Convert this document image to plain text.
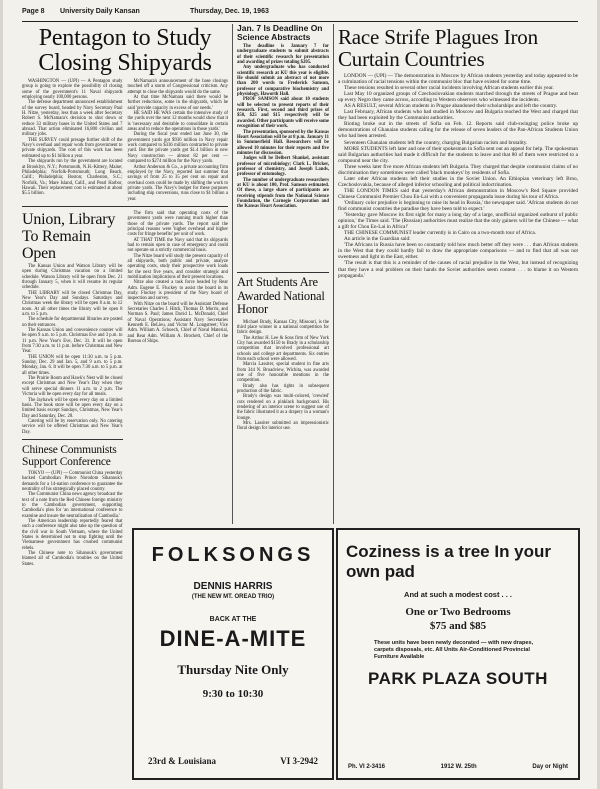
Page 8 University Daily Kansan	Thursday, Dec. 19, 1963
Pentagon to Study Closing Shipyards

WASHINGTON — (UPI) — A Pentagon study group is going to explore the possibility of closing some of the government's 11 Naval shipyards employing nearly 100,000 persons.

The defense department announced establishment of the survey board, headed by Navy Secretary Paul H. Nitze, yesterday, less than a week after Secretary Robert S. McNamara's decision to shut down or reduce 33 military bases in the United States and 7 abroad. That action eliminated 16,800 civilian and military jobs.

THE SURVEY could presage further shift of the Navy's overhaul and repair work from government to private shipyards. The cost of this work has been estimated up to $1 billion a year.

The shipyards run by the government are located at Brooklyn, N.Y.; Portsmouth, N.H.-Kittery, Maine; Philadelphia; Norfolk-Portsmouth; Long Beach, Calif.; Philadelphia; Boston; Charleston, S.C.; Norfolk, Va.; Mare Island, Calif., and Pearl Harbor, Hawaii. Their replacement cost is estimated at about $5.5 billion.

McNamara's announcement of the base closings touched off a storm of Congressional criticism. Any attempt to close the shipyards would do the same.

At that time McNamara said there would be further reductions, some in the shipyards, which he said 'provide capacity in excess of our needs.'

HE SAID HE WAS certain the intensive study of the yards over the next 12 months would show that it is 'necessary and desirable to consolidate in certain areas and to reduce the operations in those yards.'

During the fiscal year ended last June 30, the government yards got $936 million in Navy repair work compared to $336 million contracted to private yard. But the private yards got $1.4 billion in new Navy construction — almost 82 per cent — compared to $274 million for the Navy yards.

Arthur Anderson & Co., a private accounting firm employed by the Navy, reported last summer that savings of from 25 to 35 per cent on repair and overhaul costs could be made by shifting the work to private yards. The Navy's budget for these purposes including ship conversions, runs close to $1 billion a year.

Union, Library To Remain Open

The Kansas Union and Watson Library will be open during Christmas vacation on a limited schedule. Watson Library will be open from Dec. 21 through January 5, when it will resume its regular schedule.

THE LIBRARY will be closed Christmas Day, New Year's Day and Sundays. Saturdays and Christmas week the library will be open 8 a.m. to 12 noon. At all other times the library will be open 8 a.m. to 5 p.m.

The schedule for departmental libraries are posted on their entrances.

The Kansas Union and convenience counter will be open 9 a.m. to 5 p.m. Christmas Eve and 3 p.m. to 11 p.m. New Year's Eve, Dec. 31. It will be open from 7:30 a.m. to 11 p.m. before Christmas and New Year.

THE UNION will be open 11:30 a.m. to 5 p.m. Sunday, Dec. 29 and Jan. 5, and 9 a.m. to 5 p.m. Monday, Jan. 6. It will be open 7:30 a.m. to 5 p.m. at all other times.

The Prairie Room and Hawk's Nest will be closed except Christmas and New Year's Day when they will serve special dinners 11 a.m. to 2 p.m. The Victoria will be open every day for all meals.

The Jayhawk will be open every day on a limited basis. The book store will be open every day on a limited basis except Sundays, Christmas, New Year's Day and Saturday, Dec. 28.

Catering will be by reservation only. No catering service will be offered Christmas and New Year's Day.

Chinese Communists Support Conference

TOKYO — (UPI) — Communist China yesterday backed Cambodian Prince Norodom Sihanouk's demands for a 14-nation conference to guarantee the neutrality of his strategically placed country.

The Communist China news agency broadcast the text of a note from the Red Chinese foreign ministry to the Cambodian government, supporting Cambodia's plea for 'an international conference to examine and insure the neutralization of Cambodia.'

The American leadership reportedly feared that such a conference might also take up the question of the civil war in South Vietnam, where the United States is determined not to stop fighting until the Vietnamese government has crushed communist rebels.

The Chinese note to Sihanouk's government blamed all of Cambodia's troubles on the United States.

The firm said that operating costs of the government yards were running much higher than those of the private yards. The report said the principal reasons were 'higher overhead and higher costs for fringe benefits' per unit of work.

AT THAT TIME the Navy said that its shipyards had to remain open in case of emergency and could not operate on a strictly commercial basis.

The Nitze board will study the present capacity of all shipyards, both public and private, analyze operating costs, study their prospective work loads for the next five years, and consider strategic and mobilization implications of their present locations.

Nitze also created a task force headed by Rear Adm. Eugene E. Fluckey to assist the board in its study. Fluckey is president of the Navy board of inspection and survey.

With Nitze on the board will be Assistant Defense Secretaries Charles J. Hitch, Thomas D. Morris, and Norman S. Paul; James David L. McDonald, Chief of Naval Operations; Assistant Navy Secretaries Kenneth E. BeLieu, and Victor M. Longstreet; Vice Adm. William A. Schoech, Chief of Naval Material, and Rear Adm. William A. Brockett, Chief of the Bureau of Ships.

Jan. 7 Is Deadline On Science Abstracts

The deadline is January 7 for undergraduate students to submit abstracts of their scientific research for presentation and awarding of prizes totaling $205.

Any undergraduate who has conducted scientific research at KU this year is eligible. He should submit an abstract of not more than 200 words to Frederick Samson, professor of comparative biochemistry and physiology, Haworth Hall.

PROF SAMSON said about 10 students will be selected to present reports of their research. First, second and third prizes of $50, $25 and $15 respectively will be awarded. Other participants will receive some recognition of their work.

The presentation, sponsored by the Kansas Heart Association will be at 8 p.m. January 11 in Summerfield Hall. Researchers will be allowed 10 minutes for their reports and five minutes for discussion.

Judges will be Delbert Shankel, assistant professor of microbiology; Clark L. Bricker, professor of chemistry, and Joseph Lands, professor of entomology.

The number of undergraduate researchers at KU is about 100, Prof. Samson estimated. Of these, a large share of participants are receiving stipends from the National Science Foundation, the Carnegie Corporation and the Kansas Heart Association.

Art Students Are Awarded National Honor

Michael Brady, Kansas City, Missouri, is the third place winner in a national competition for fabric design.

The Arthur H. Lee & Sons firm of New York City has awarded $150 to Brady in a scholarship competition that involved professional art schools and college art departments. Six entries from each school were allowed.

Marcia Lassiter, special student in fine arts from 344 N. Broadview, Wichita, was awarded one of five honorable mentions in the competition.

Brady also has rights in subsequent production of the fabric.

Brady's design was multi-colored, 'crewled' cuts rendered on a pinklack background. His rendering of an interior scene to suggest use of the fabric illustrated it as a drapery in a woman's lounge.

Mrs. Lassiter submitted an impressionistic floral design for interior use.

Race Strife Plagues Iron Curtain Countries

LONDON — (UPI) — The demonstration in Moscow by African students yesterday and today appeared to be a culmination of racial tensions within the communist bloc that have existed for some time.

These tensions resulted in several other racial incidents involving African students earlier this year.

Last May 10 organized groups of Czechoslovakian students marched through the streets of Prague and beat up every Negro they came across, according to Western observers who witnessed the incidents.

AS A RESULT, several African students in Prague abandoned their scholarships and left the country.

Last February, African students who had studied in Moscow and Bulgaria reached the West and charged that they had been exploited by the Communist authorities.

Rioting broke out in the streets of Sofia on Feb. 12. Reports said club-swinging police broke up demonstrations of Ghanaian students calling for the release of seven leaders of the Pan-African Students Union who had been arrested.

Seventeen Ghanaian students left the country, charging Bulgarian racism and brutality.

MORE STUDENTS left later and one of their spokesman in Sofia sent out an appeal for help. The spokesman said Bulgarian authorities had made it difficult for the students to leave and that 80 of them were restricted to a compound near the city.

Three weeks later five more African students left Bulgaria. They charged that despite communist claims of no discrimination they sometimes were called 'black monkeys' by residents of Sofia.

Later other African students left their studies in the Soviet Union. An Ethiopian veterinary left Brno, Czechoslovakia, because of alleged inferior schooling and political indoctrination.

THE LONDON TIMES said that yesterday's African demonstration in Moscow's Red Square provided Chinese Communist Premier Chou En-Lai with a convenient propaganda issue during his tour of Africa.

'Ordinary color prejudice is beginning to raise its head in Russia,' the newspaper said. 'African students do not find communist countries the paradise they have been told to expect.'

'Yesterday gave Moscow its first sight for many a long day of a large, unofficial organized outburst of public opinion,' the Times said. 'The (Russian) authorities must realize that the only gainers will be the Chinese — what a gift for Chou En-Lai in Africa!'

THE CHINESE COMMUNIST leader currently is in Cairo on a two-month tour of Africa.

An article in the Guardian said:

'The Africans in Russia have been so constantly told how much better off they were . . . than African students in the West that they could hardly fail to draw the appropriate comparisons — and to find that all was not sweetness and light in the East, either.

'The result is that this is a reminder of the causes of racial prejudice in the West, but instead of recognizing that they have a real problem on their hands the Soviet authorities seem content . . . to blame it on Western propaganda.'

FOLKSONGS
DENNIS HARRIS
(THE NEW MT. OREAD TRIO)
BACK AT THE
DINE-A-MITE
Thursday Nite Only
9:30 to 10:30
23rd & Louisiana	VI 3-2942
Coziness is a tree In your own pad
And at such a modest cost . . .
One or Two Bedrooms
$75 and $85
These units have been newly decorated — with new drapes, carpets disposals, etc. All Units Air-Conditioned Provincial Furniture Available
PARK PLAZA SOUTH
Ph. VI 2-3416	1912 W. 25th	Day or Night
